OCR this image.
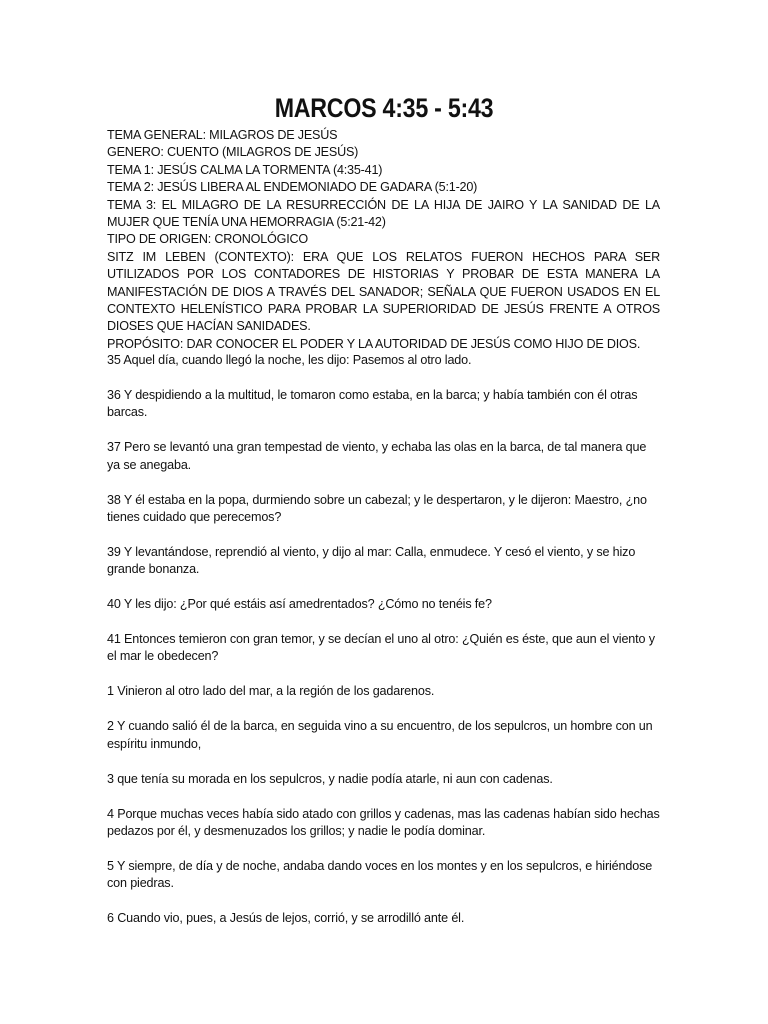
MARCOS 4:35 - 5:43
TEMA GENERAL: MILAGROS DE JESÚS
GENERO: CUENTO (MILAGROS DE JESÚS)
TEMA 1: JESÚS CALMA LA TORMENTA (4:35-41)
TEMA 2: JESÚS LIBERA AL ENDEMONIADO DE GADARA (5:1-20)
TEMA 3: EL MILAGRO DE LA RESURRECCIÓN DE LA HIJA DE JAIRO Y LA SANIDAD DE LA MUJER QUE TENÍA UNA HEMORRAGIA (5:21-42)
TIPO DE ORIGEN: CRONOLÓGICO
SITZ IM LEBEN (CONTEXTO): ERA QUE LOS RELATOS FUERON HECHOS PARA SER UTILIZADOS POR LOS CONTADORES DE HISTORIAS Y PROBAR DE ESTA MANERA LA MANIFESTACIÓN DE DIOS A TRAVÉS DEL SANADOR; SEÑALA QUE FUERON USADOS EN EL CONTEXTO HELENÍSTICO PARA PROBAR LA SUPERIORIDAD DE JESÚS FRENTE A OTROS DIOSES QUE HACÍAN SANIDADES.
PROPÓSITO: DAR CONOCER EL PODER Y LA AUTORIDAD DE JESÚS COMO HIJO DE DIOS.
35 Aquel día, cuando llegó la noche, les dijo: Pasemos al otro lado.
36 Y despidiendo a la multitud, le tomaron como estaba, en la barca; y había también con él otras barcas.
37 Pero se levantó una gran tempestad de viento, y echaba las olas en la barca, de tal manera que ya se anegaba.
38 Y él estaba en la popa, durmiendo sobre un cabezal; y le despertaron, y le dijeron: Maestro, ¿no tienes cuidado que perecemos?
39 Y levantándose, reprendió al viento, y dijo al mar: Calla, enmudece. Y cesó el viento, y se hizo grande bonanza.
40 Y les dijo: ¿Por qué estáis así amedrentados? ¿Cómo no tenéis fe?
41 Entonces temieron con gran temor, y se decían el uno al otro: ¿Quién es éste, que aun el viento y el mar le obedecen?
1 Vinieron al otro lado del mar, a la región de los gadarenos.
2 Y cuando salió él de la barca, en seguida vino a su encuentro, de los sepulcros, un hombre con un espíritu inmundo,
3 que tenía su morada en los sepulcros, y nadie podía atarle, ni aun con cadenas.
4 Porque muchas veces había sido atado con grillos y cadenas, mas las cadenas habían sido hechas pedazos por él, y desmenuzados los grillos; y nadie le podía dominar.
5 Y siempre, de día y de noche, andaba dando voces en los montes y en los sepulcros, e hiriéndose con piedras.
6 Cuando vio, pues, a Jesús de lejos, corrió, y se arrodilló ante él.
